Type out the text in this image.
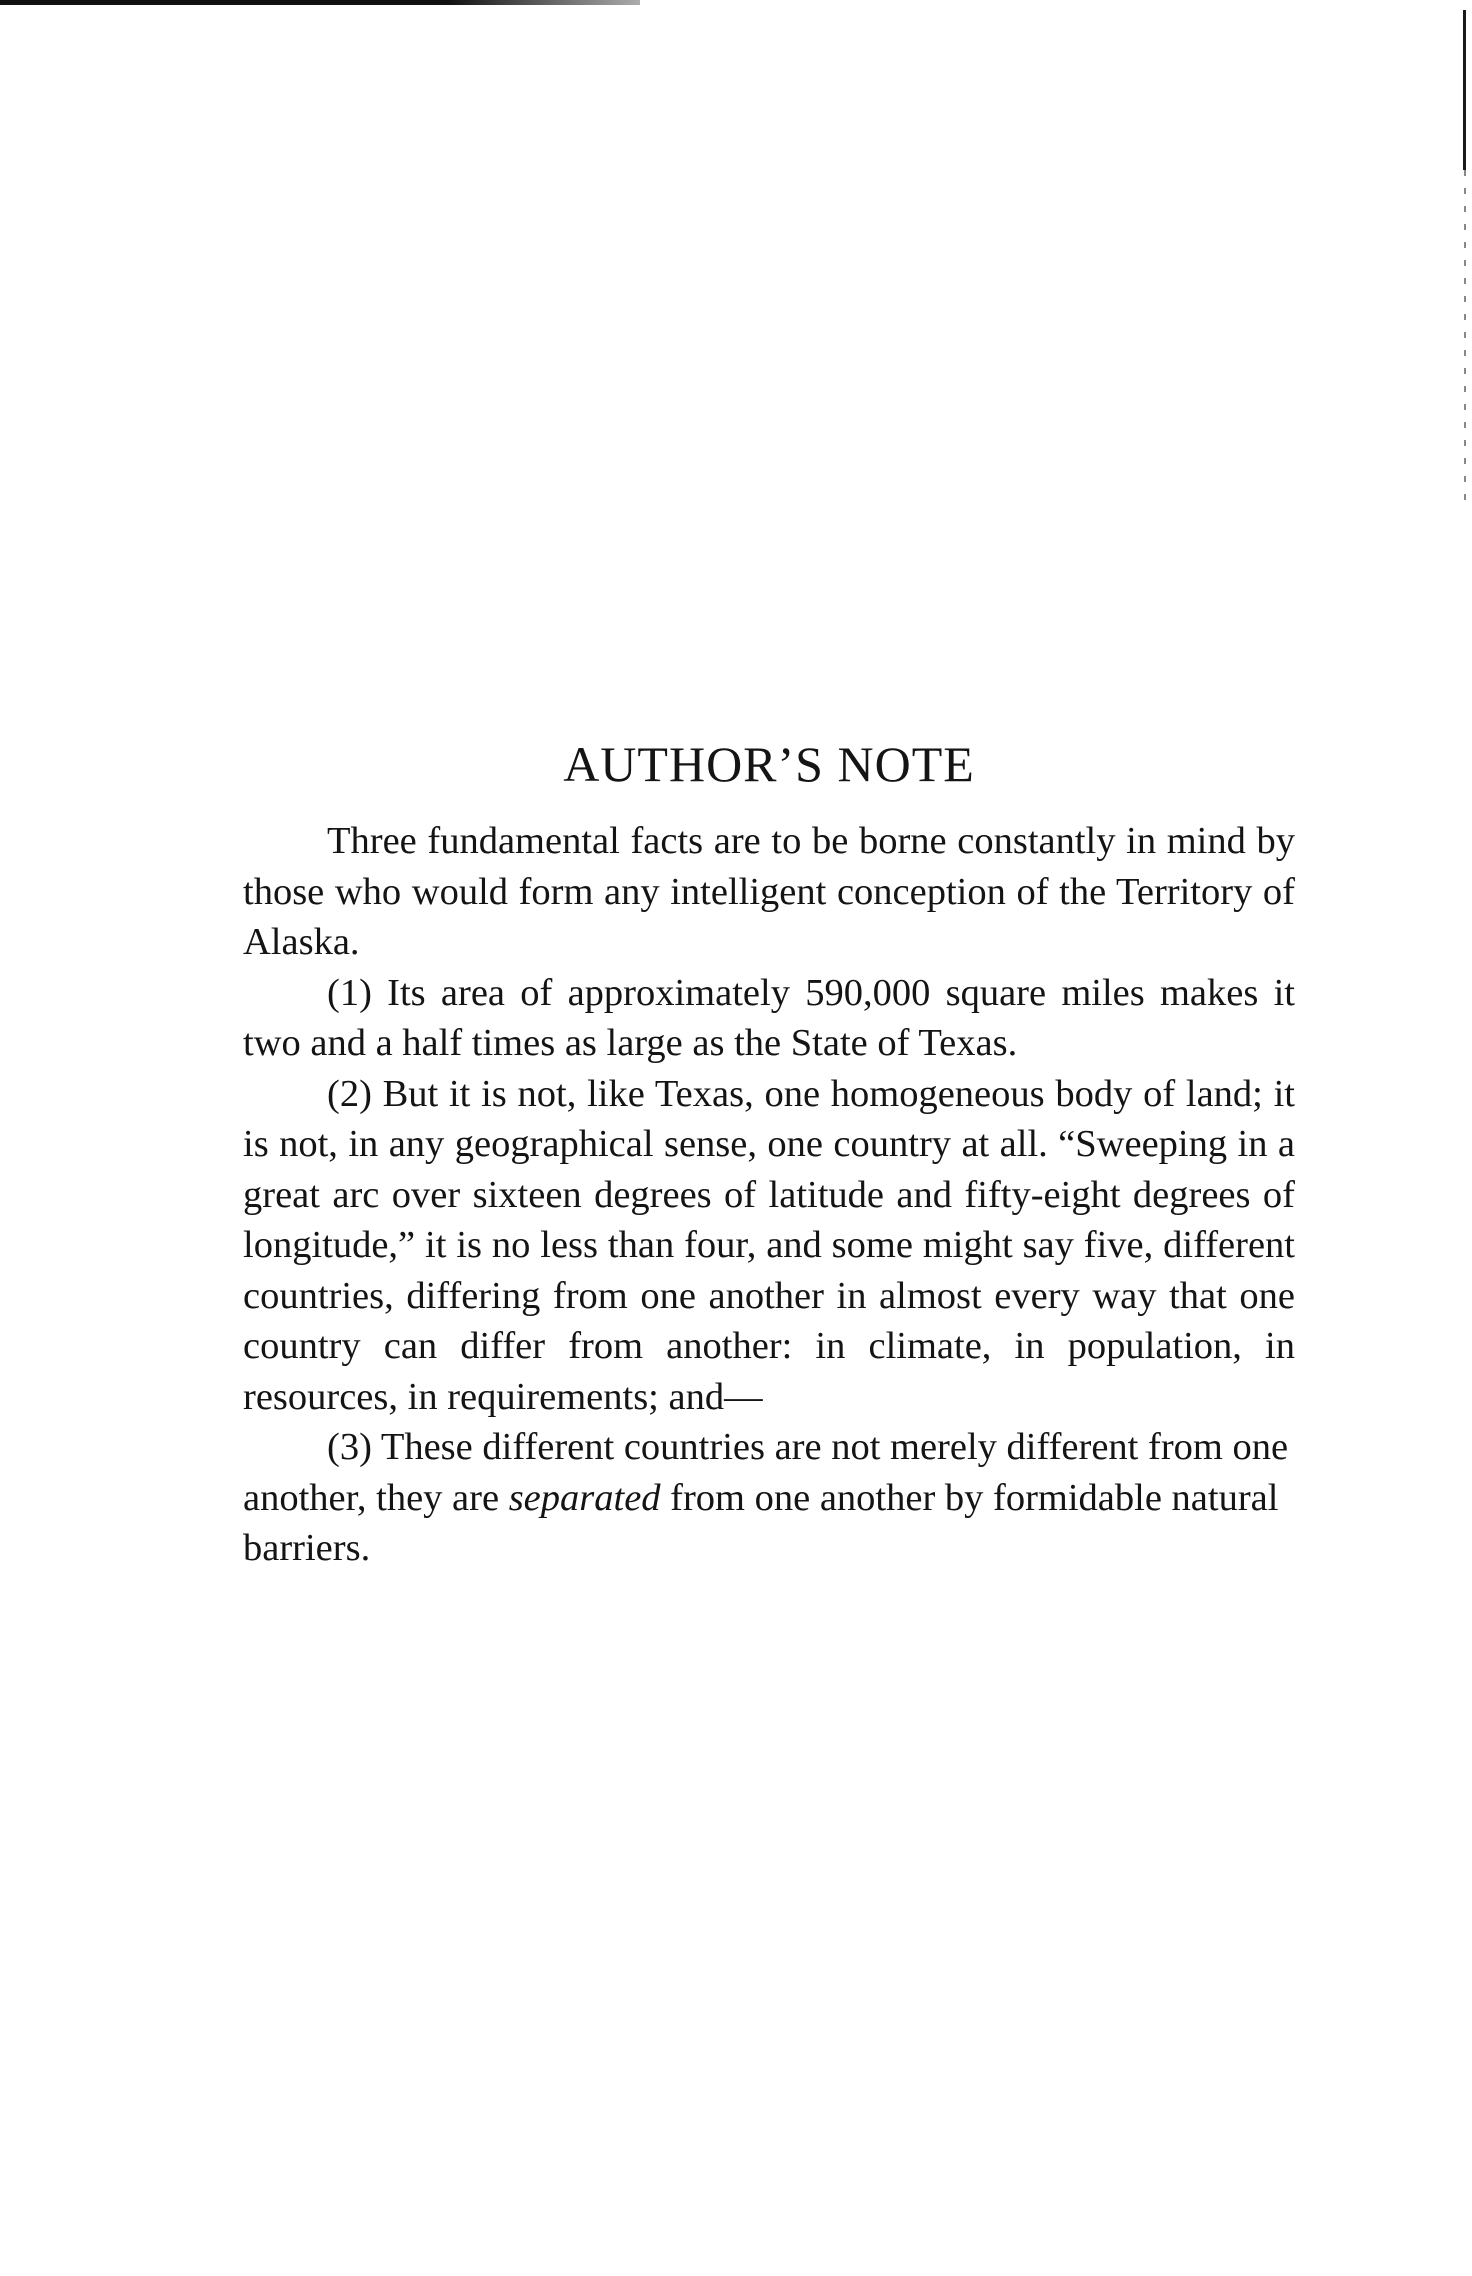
AUTHOR’S NOTE

Three fundamental facts are to be borne constantly in mind by those who would form any intelligent conception of the Territory of Alaska.

(1) Its area of approximately 590,000 square miles makes it two and a half times as large as the State of Texas.

(2) But it is not, like Texas, one homogeneous body of land; it is not, in any geographical sense, one country at all. “Sweeping in a great arc over sixteen degrees of latitude and fifty-eight degrees of longitude,” it is no less than four, and some might say five, different countries, differing from one another in almost every way that one country can differ from another: in climate, in population, in resources, in requirements; and—

(3) These different countries are not merely different from one another, they are separated from one another by formidable natural barriers.
